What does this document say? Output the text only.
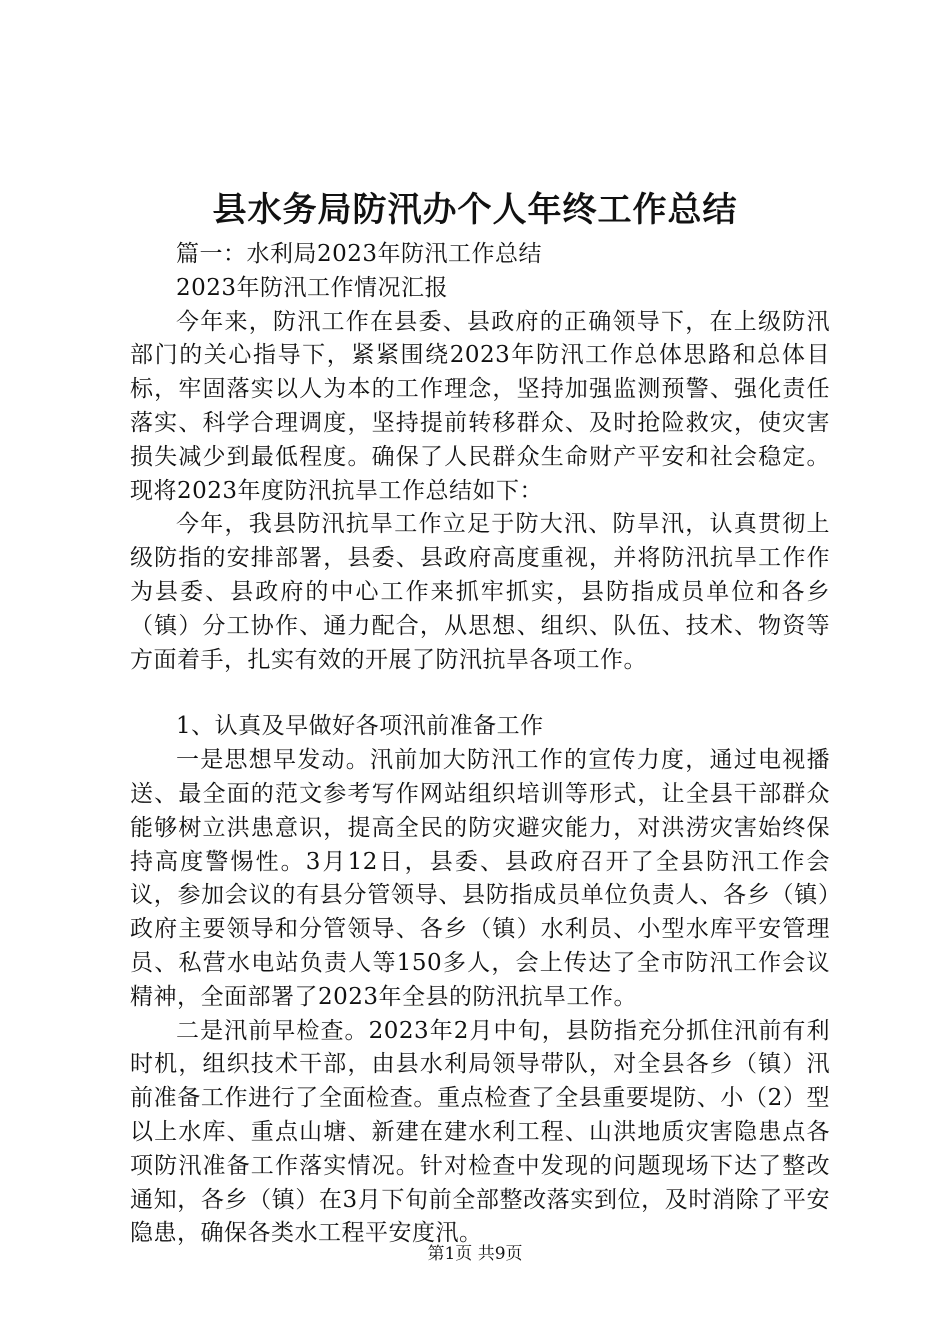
县水务局防汛办个人年终工作总结

篇一：水利局2023年防汛工作总结

2023年防汛工作情况汇报

今年来，防汛工作在县委、县政府的正确领导下，在上级防汛部门的关心指导下，紧紧围绕2023年防汛工作总体思路和总体目标，牢固落实以人为本的工作理念，坚持加强监测预警、强化责任落实、科学合理调度，坚持提前转移群众、及时抢险救灾，使灾害损失减少到最低程度。确保了人民群众生命财产平安和社会稳定。现将2023年度防汛抗旱工作总结如下：

今年，我县防汛抗旱工作立足于防大汛、防旱汛，认真贯彻上级防指的安排部署，县委、县政府高度重视，并将防汛抗旱工作作为县委、县政府的中心工作来抓牢抓实，县防指成员单位和各乡（镇）分工协作、通力配合，从思想、组织、队伍、技术、物资等方面着手，扎实有效的开展了防汛抗旱各项工作。

1、认真及早做好各项汛前准备工作

一是思想早发动。汛前加大防汛工作的宣传力度，通过电视播送、最全面的范文参考写作网站组织培训等形式，让全县干部群众能够树立洪患意识，提高全民的防灾避灾能力，对洪涝灾害始终保持高度警惕性。3月12日，县委、县政府召开了全县防汛工作会议，参加会议的有县分管领导、县防指成员单位负责人、各乡（镇）政府主要领导和分管领导、各乡（镇）水利员、小型水库平安管理员、私营水电站负责人等150多人，会上传达了全市防汛工作会议精神，全面部署了2023年全县的防汛抗旱工作。

二是汛前早检查。2023年2月中旬，县防指充分抓住汛前有利时机，组织技术干部，由县水利局领导带队，对全县各乡（镇）汛前准备工作进行了全面检查。重点检查了全县重要堤防、小（2）型以上水库、重点山塘、新建在建水利工程、山洪地质灾害隐患点各项防汛准备工作落实情况。针对检查中发现的问题现场下达了整改通知，各乡（镇）在3月下旬前全部整改落实到位，及时消除了平安隐患，确保各类水工程平安度汛。

第1页 共9页
